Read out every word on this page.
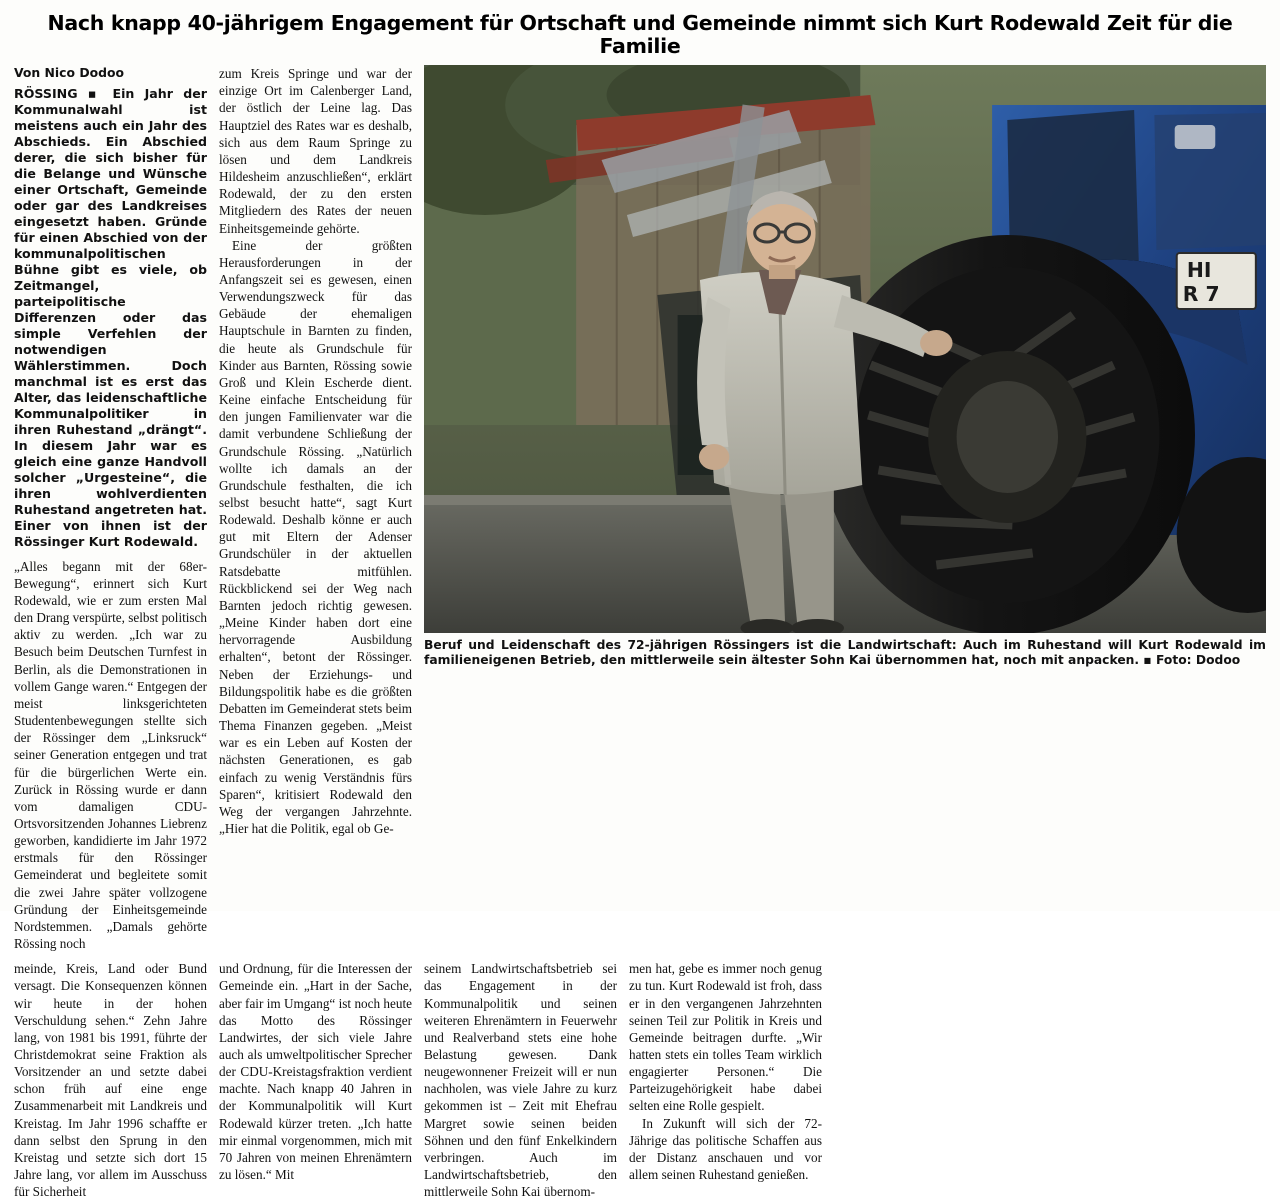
Nach knapp 40-jährigem Engagement für Ortschaft und Gemeinde nimmt sich Kurt Rodewald Zeit für die Familie
Von Nico Dodoo
RÖSSING ▪ Ein Jahr der Kommunalwahl ist meistens auch ein Jahr des Abschieds. Ein Abschied derer, die sich bisher für die Belange und Wünsche einer Ortschaft, Gemeinde oder gar des Landkreises eingesetzt haben. Gründe für einen Abschied von der kommunalpolitischen Bühne gibt es viele, ob Zeitmangel, parteipolitische Differenzen oder das simple Verfehlen der notwendigen Wählerstimmen. Doch manchmal ist es erst das Alter, das leidenschaftliche Kommunalpolitiker in ihren Ruhestand „drängt“. In diesem Jahr war es gleich eine ganze Handvoll solcher „Urgesteine“, die ihren wohlverdienten Ruhestand angetreten hat. Einer von ihnen ist der Rössinger Kurt Rodewald.

„Alles begann mit der 68er-Bewegung“, erinnert sich Kurt Rodewald, wie er zum ersten Mal den Drang verspürte, selbst politisch aktiv zu werden. „Ich war zu Besuch beim Deutschen Turnfest in Berlin, als die Demonstrationen in vollem Gange waren.“ Entgegen der meist linksgerichteten Studentenbewegungen stellte sich der Rössinger dem „Linksruck“ seiner Generation entgegen und trat für die bürgerlichen Werte ein. Zurück in Rössing wurde er dann vom damaligen CDU-Ortsvorsitzenden Johannes Liebrenz geworben, kandidierte im Jahr 1972 erstmals für den Rössinger Gemeinderat und begleitete somit die zwei Jahre später vollzogene Gründung der Einheitsgemeinde Nordstemmen. „Damals gehörte Rössing noch

zum Kreis Springe und war der einzige Ort im Calenberger Land, der östlich der Leine lag. Das Hauptziel des Rates war es deshalb, sich aus dem Raum Springe zu lösen und dem Landkreis Hildesheim anzuschließen“, erklärt Rodewald, der zu den ersten Mitgliedern des Rates der neuen Einheitsgemeinde gehörte.

Eine der größten Herausforderungen in der Anfangszeit sei es gewesen, einen Verwendungszweck für das Gebäude der ehemaligen Hauptschule in Barnten zu finden, die heute als Grundschule für Kinder aus Barnten, Rössing sowie Groß und Klein Escherde dient. Keine einfache Entscheidung für den jungen Familienvater war die damit verbundene Schließung der Grundschule Rössing. „Natürlich wollte ich damals an der Grundschule festhalten, die ich selbst besucht hatte“, sagt Kurt Rodewald. Deshalb könne er auch gut mit Eltern der Adenser Grundschüler in der aktuellen Ratsdebatte mitfühlen. Rückblickend sei der Weg nach Barnten jedoch richtig gewesen. „Meine Kinder haben dort eine hervorragende Ausbildung erhalten“, betont der Rössinger. Neben der Erziehungs- und Bildungspolitik habe es die größten Debatten im Gemeinderat stets beim Thema Finanzen gegeben. „Meist war es ein Leben auf Kosten der nächsten Generationen, es gab einfach zu wenig Verständnis fürs Sparen“, kritisiert Rodewald den Weg der vergangen Jahrzehnte. „Hier hat die Politik, egal ob Ge-

HI
R 7
Beruf und Leidenschaft des 72-jährigen Rössingers ist die Landwirtschaft: Auch im Ruhestand will Kurt Rodewald im familieneigenen Betrieb, den mittlerweile sein ältester Sohn Kai übernommen hat, noch mit anpacken. ▪ Foto: Dodoo

meinde, Kreis, Land oder Bund versagt. Die Konsequenzen können wir heute in der hohen Verschuldung sehen.“ Zehn Jahre lang, von 1981 bis 1991, führte der Christdemokrat seine Fraktion als Vorsitzender an und setzte dabei schon früh auf eine enge Zusammenarbeit mit Landkreis und Kreistag. Im Jahr 1996 schaffte er dann selbst den Sprung in den Kreistag und setzte sich dort 15 Jahre lang, vor allem im Ausschuss für Sicherheit

und Ordnung, für die Interessen der Gemeinde ein. „Hart in der Sache, aber fair im Umgang“ ist noch heute das Motto des Rössinger Landwirtes, der sich viele Jahre auch als umweltpolitischer Sprecher der CDU-Kreistagsfraktion verdient machte. Nach knapp 40 Jahren in der Kommunalpolitik will Kurt Rodewald kürzer treten. „Ich hatte mir einmal vorgenommen, mich mit 70 Jahren von meinen Ehrenämtern zu lösen.“ Mit

seinem Landwirtschaftsbetrieb sei das Engagement in der Kommunalpolitik und seinen weiteren Ehrenämtern in Feuerwehr und Realverband stets eine hohe Belastung gewesen. Dank neugewonnener Freizeit will er nun nachholen, was viele Jahre zu kurz gekommen ist – Zeit mit Ehefrau Margret sowie seinen beiden Söhnen und den fünf Enkelkindern verbringen. Auch im Landwirtschaftsbetrieb, den mittlerweile Sohn Kai übernom-

men hat, gebe es immer noch genug zu tun. Kurt Rodewald ist froh, dass er in den vergangenen Jahrzehnten seinen Teil zur Politik in Kreis und Gemeinde beitragen durfte. „Wir hatten stets ein tolles Team wirklich engagierter Personen.“ Die Parteizugehörigkeit habe dabei selten eine Rolle gespielt.

In Zukunft will sich der 72-Jährige das politische Schaffen aus der Distanz anschauen und vor allem seinen Ruhestand genießen.
